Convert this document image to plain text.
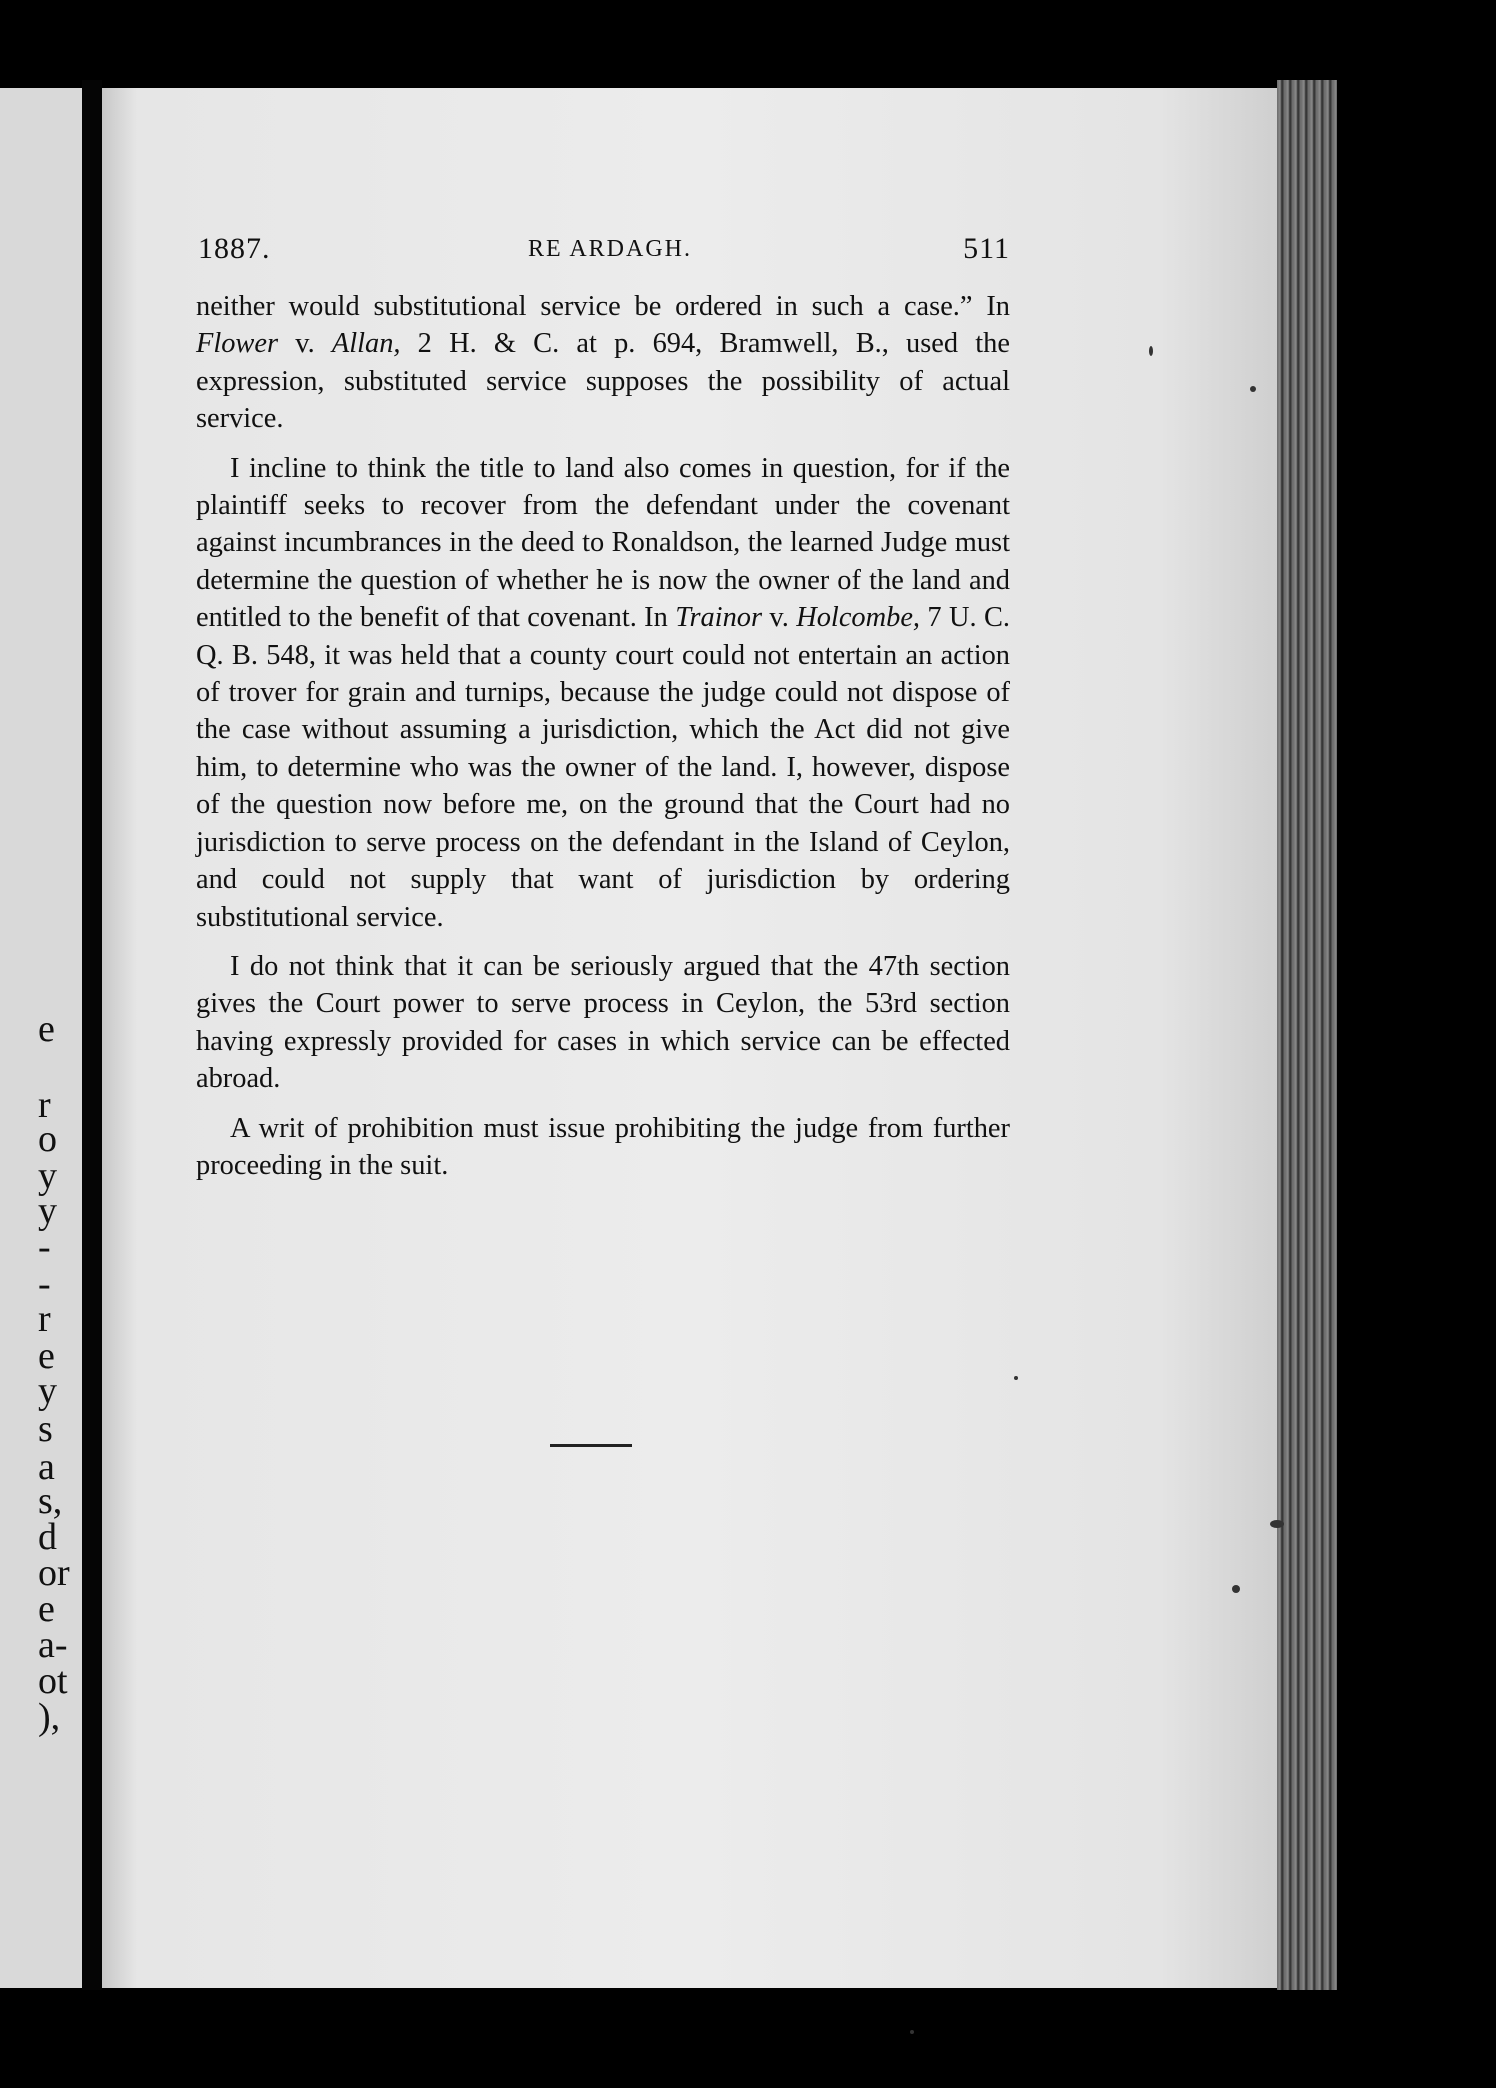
e
r
o
y
y
-
-
r
e
y
s
a
s,
d
or
e
a-
ot
),
1887.	RE ARDAGH.	511

neither would substitutional service be ordered in such a case.” In Flower v. Allan, 2 H. & C. at p. 694, Bramwell, B., used the expression, substituted service supposes the possibility of actual service.

I incline to think the title to land also comes in question, for if the plaintiff seeks to recover from the defendant under the covenant against incumbrances in the deed to Ronaldson, the learned Judge must determine the question of whether he is now the owner of the land and entitled to the benefit of that covenant. In Trainor v. Holcombe, 7 U. C. Q. B. 548, it was held that a county court could not entertain an action of trover for grain and turnips, because the judge could not dispose of the case without assuming a jurisdiction, which the Act did not give him, to determine who was the owner of the land. I, however, dispose of the question now before me, on the ground that the Court had no jurisdiction to serve process on the defendant in the Island of Ceylon, and could not supply that want of jurisdiction by ordering substitutional service.

I do not think that it can be seriously argued that the 47th section gives the Court power to serve process in Ceylon, the 53rd section having expressly provided for cases in which service can be effected abroad.

A writ of prohibition must issue prohibiting the judge from further proceeding in the suit.
